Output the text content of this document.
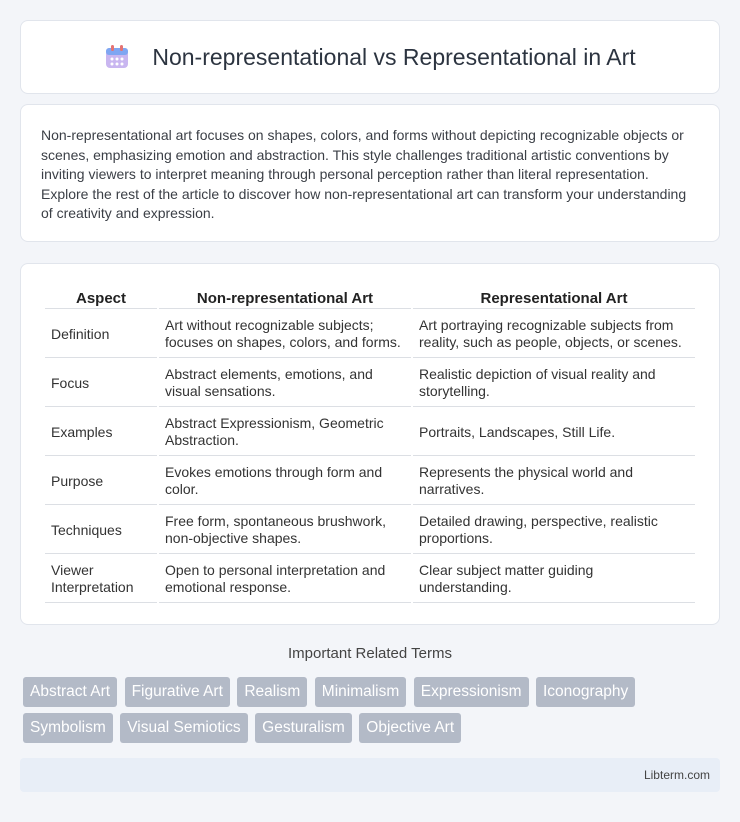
Non-representational vs Representational in Art

Non-representational art focuses on shapes, colors, and forms without depicting recognizable objects or scenes, emphasizing emotion and abstraction. This style challenges traditional artistic conventions by inviting viewers to interpret meaning through personal perception rather than literal representation. Explore the rest of the article to discover how non-representational art can transform your understanding of creativity and expression.

Aspect	Non-representational Art	Representational Art
Definition	Art without recognizable subjects; focuses on shapes, colors, and forms.	Art portraying recognizable subjects from reality, such as people, objects, or scenes.
Focus	Abstract elements, emotions, and visual sensations.	Realistic depiction of visual reality and storytelling.
Examples	Abstract Expressionism, Geometric Abstraction.	Portraits, Landscapes, Still Life.
Purpose	Evokes emotions through form and color.	Represents the physical world and narratives.
Techniques	Free form, spontaneous brushwork, non-objective shapes.	Detailed drawing, perspective, realistic proportions.
Viewer Interpretation	Open to personal interpretation and emotional response.	Clear subject matter guiding understanding.
Important Related Terms
Abstract Art Figurative Art Realism Minimalism Expressionism Iconography Symbolism Visual Semiotics Gesturalism Objective Art
Libterm.com
